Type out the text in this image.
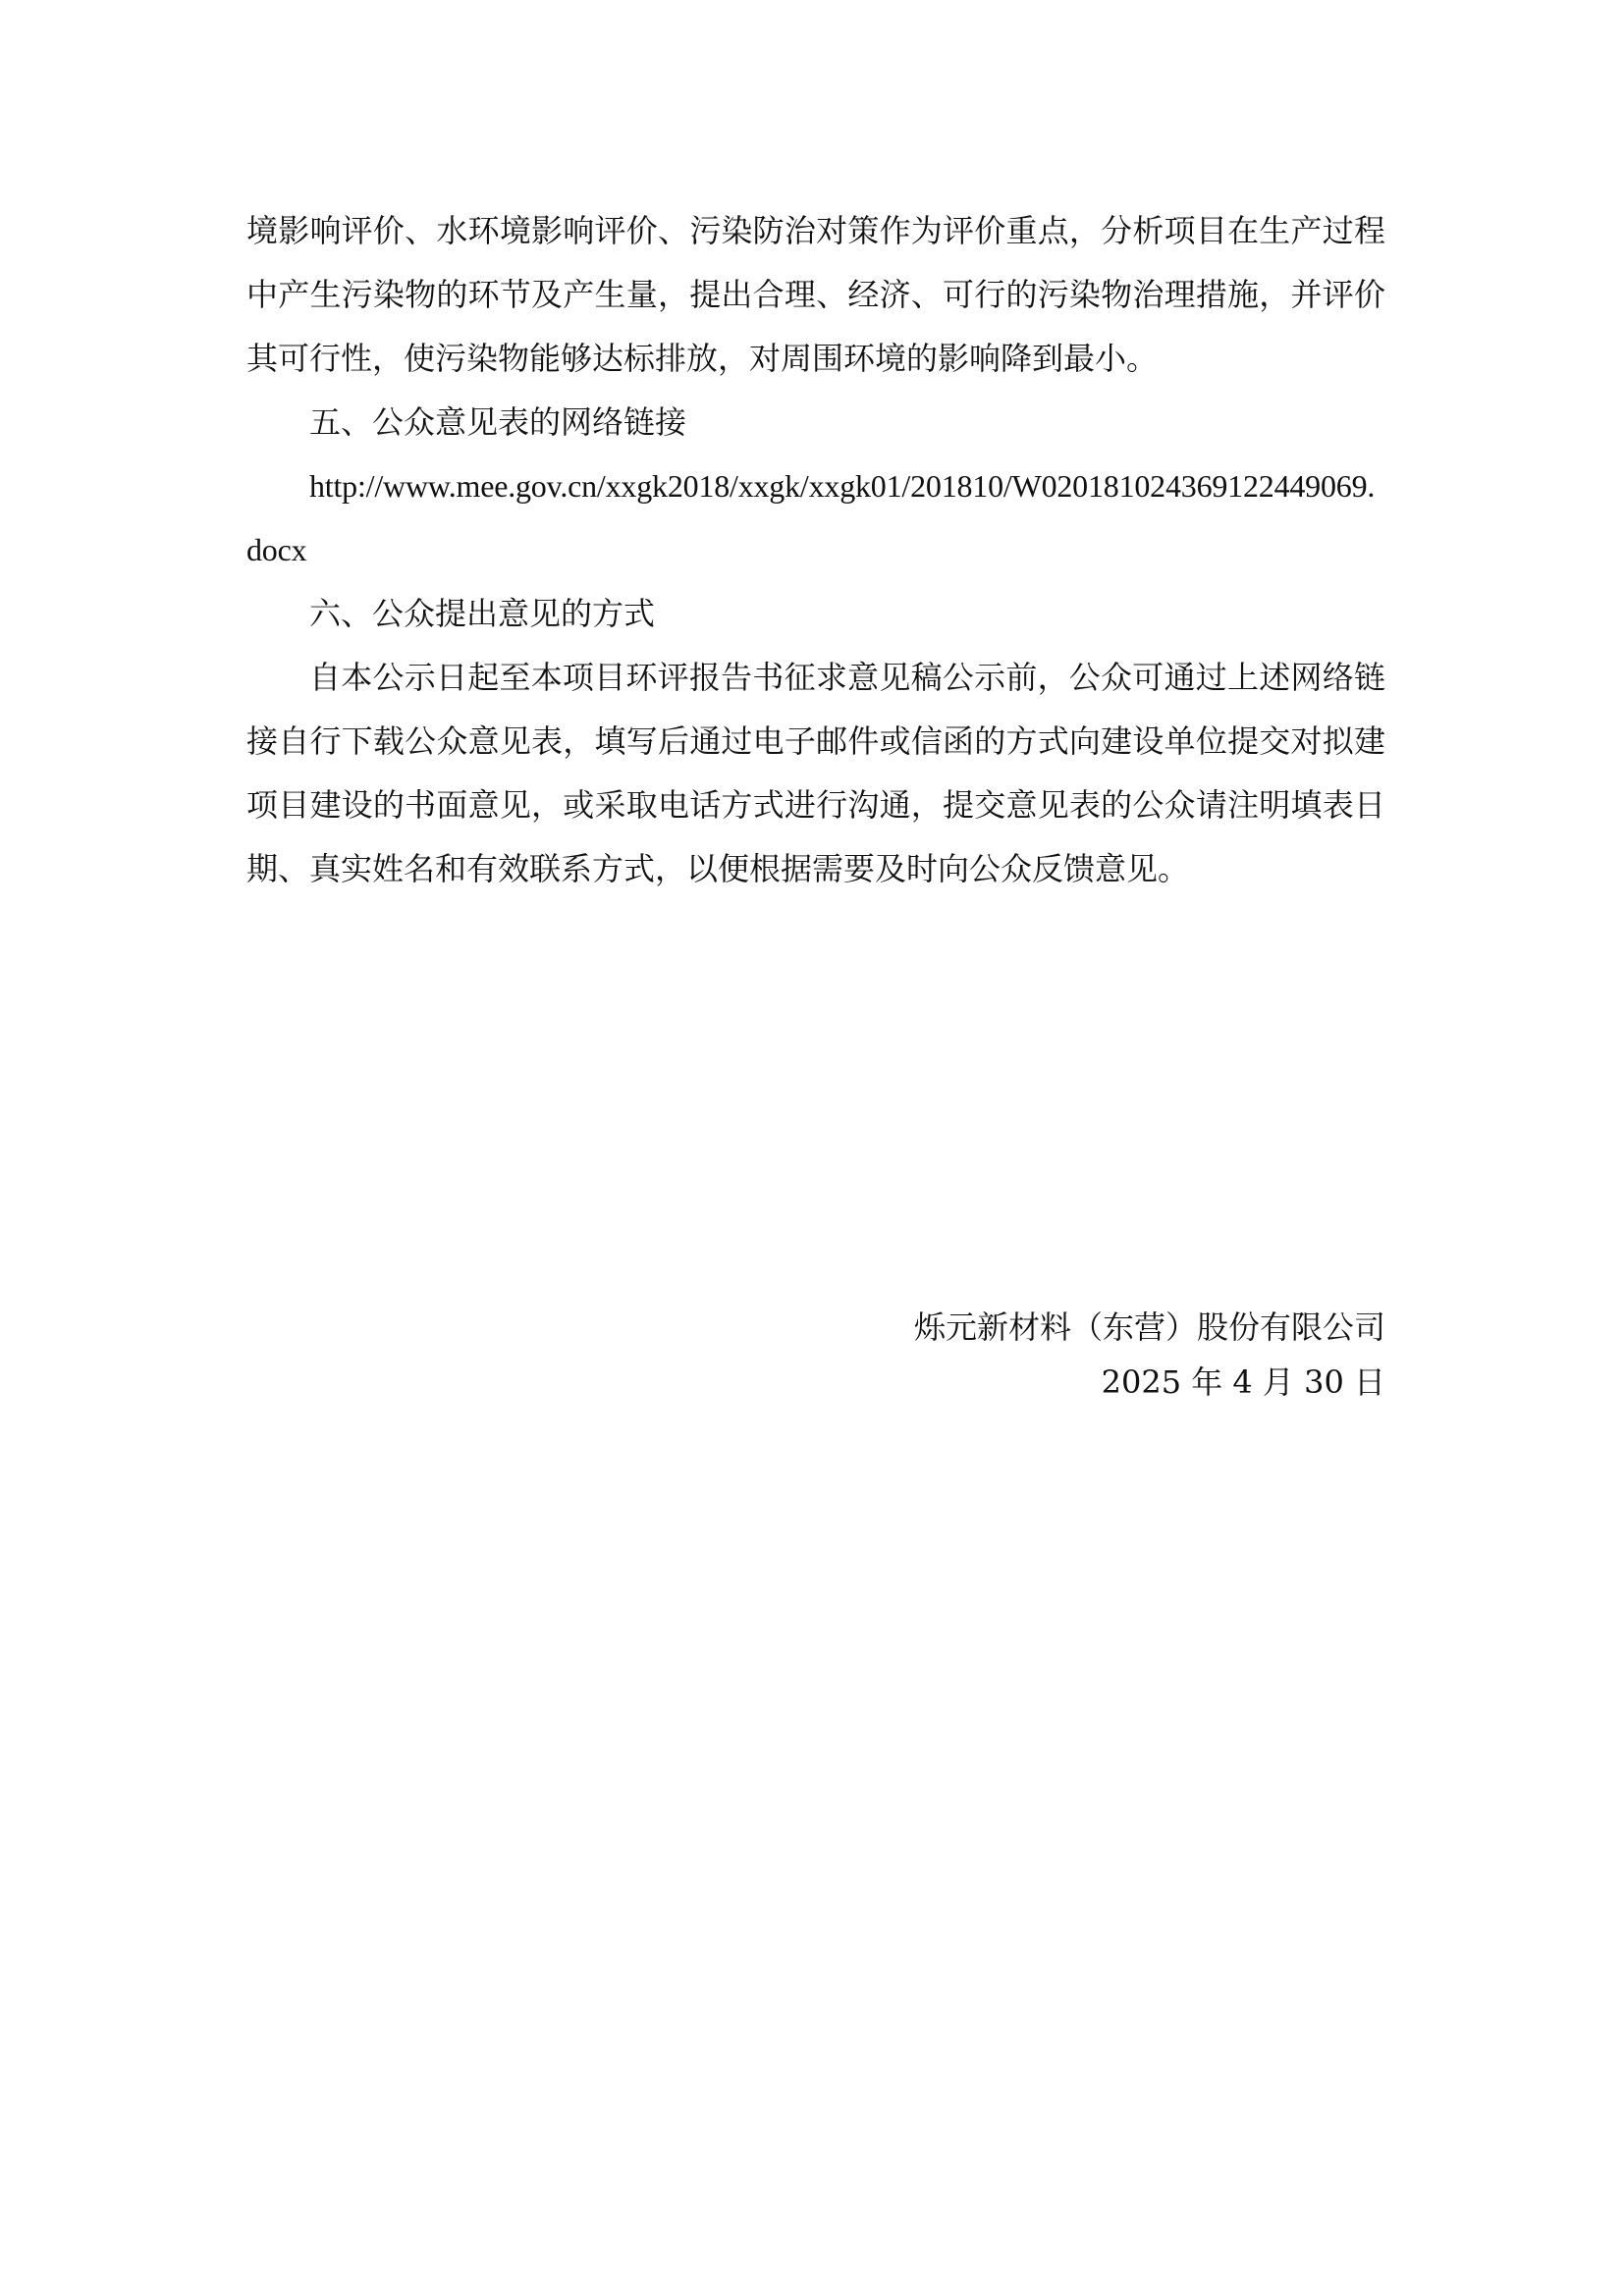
境影响评价、水环境影响评价、污染防治对策作为评价重点，分析项目在生产过程中产生污染物的环节及产生量，提出合理、经济、可行的污染物治理措施，并评价其可行性，使污染物能够达标排放，对周围环境的影响降到最小。

五、公众意见表的网络链接

http://www.mee.gov.cn/xxgk2018/xxgk/xxgk01/201810/W020181024369122449069.docx

六、公众提出意见的方式

自本公示日起至本项目环评报告书征求意见稿公示前，公众可通过上述网络链接自行下载公众意见表，填写后通过电子邮件或信函的方式向建设单位提交对拟建项目建设的书面意见，或采取电话方式进行沟通，提交意见表的公众请注明填表日期、真实姓名和有效联系方式，以便根据需要及时向公众反馈意见。

烁元新材料（东营）股份有限公司
2025 年 4 月 30 日
